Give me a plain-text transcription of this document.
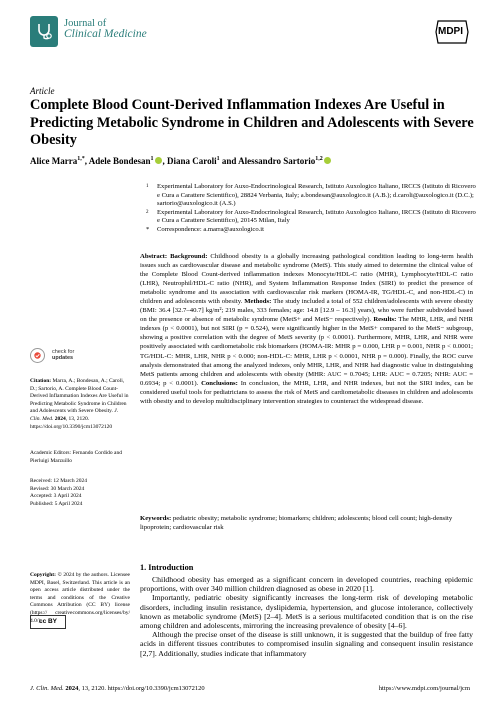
Journal of
Clinical Medicine	MDPI
Article
Complete Blood Count-Derived Inflammation Indexes Are Useful in Predicting Metabolic Syndrome in Children and Adolescents with Severe Obesity
Alice Marra$^{1,*}$, Adele Bondesan$^1$ , Diana Caroli$^1$ and Alessandro Sartorio$^{1,2}$
1	Experimental Laboratory for Auxo-Endocrinological Research, Istituto Auxologico Italiano, IRCCS (Istituto di Ricovero e Cura a Carattere Scientifico), 28824 Verbania, Italy; a.bondesan@auxologico.it (A.B.); d.caroli@auxologico.it (D.C.); sartorio@auxologico.it (A.S.)
2	Experimental Laboratory for Auxo-Endocrinological Research, Istituto Auxologico Italiano, IRCCS (Istituto di Ricovero e Cura a Carattere Scientifico), 20145 Milan, Italy
*	Correspondence: a.marra@auxologico.it
Abstract: Background: Childhood obesity is a globally increasing pathological condition leading to long-term health issues such as cardiovascular disease and metabolic syndrome (MetS). This study aimed to determine the clinical value of the Complete Blood Count-derived inflammation indexes Monocyte/HDL-C ratio (MHR), Lymphocyte/HDL-C ratio (LHR), Neutrophil/HDL-C ratio (NHR), and System Inflammation Response Index (SIRI) to predict the presence of metabolic syndrome and its association with cardiovascular risk markers (HOMA-IR, TG/HDL-C, and non-HDL-C) in children and adolescents with obesity. Methods: The study included a total of 552 children/adolescents with severe obesity (BMI: 36.4 [32.7–40.7] kg/m²; 219 males, 333 females; age: 14.8 [12.9 – 16.3] years), who were further subdivided based on the presence or absence of metabolic syndrome (MetS+ and MetS− respectively). Results: The MHR, LHR, and NHR indexes (p < 0.0001), but not SIRI (p = 0.524), were significantly higher in the MetS+ compared to the MetS− subgroup, showing a positive correlation with the degree of MetS severity (p < 0.0001). Furthermore, MHR, LHR, and NHR were positively associated with cardiometabolic risk biomarkers (HOMA-IR: MHR p = 0.000, LHR p = 0.001, NHR p < 0.0001; TG/HDL-C: MHR, LHR, NHR p < 0.000; non-HDL-C: MHR, LHR p < 0.0001, NHR p = 0.000). Finally, the ROC curve analysis demonstrated that among the analyzed indexes, only MHR, LHR, and NHR had diagnostic value in distinguishing MetS patients among children and adolescents with obesity (MHR: AUC = 0.7045; LHR: AUC = 0.7205; NHR: AUC = 0.6934; p < 0.0001). Conclusions: In conclusion, the MHR, LHR, and NHR indexes, but not the SIRI index, can be considered useful tools for pediatricians to assess the risk of MetS and cardiometabolic diseases in children and adolescents with obesity and to develop multidisciplinary intervention strategies to counteract the widespread disease.
Keywords: pediatric obesity; metabolic syndrome; biomarkers; children; adolescents; blood cell count; high-density lipoprotein; cardiovascular risk
check for
updates
Citation: Marra, A.; Bondesan, A.; Caroli, D.; Sartorio, A. Complete Blood Count-Derived Inflammation Indexes Are Useful in Predicting Metabolic Syndrome in Children and Adolescents with Severe Obesity. J. Clin. Med. 2024, 13, 2120. https://doi.org/10.3390/jcm13072120
Academic Editors: Fernando Cordido and Pierluigi Marzuillo
Received: 12 March 2024
Revised: 30 March 2024
Accepted: 3 April 2024
Published: 5 April 2024
cc BY
Copyright: © 2024 by the authors. Licensee MDPI, Basel, Switzerland. This article is an open access article distributed under the terms and conditions of the Creative Commons Attribution (CC BY) license (https:// creativecommons.org/licenses/by/ 4.0/).
1. Introduction

Childhood obesity has emerged as a significant concern in developed countries, reaching epidemic proportions, with over 340 million children diagnosed as obese in 2020 [1].

Importantly, pediatric obesity significantly increases the long-term risk of developing metabolic disorders, including insulin resistance, dyslipidemia, hypertension, and glucose intolerance, collectively known as metabolic syndrome (MetS) [2–4]. MetS is a serious multifaceted condition that is on the rise among children and adolescents, mirroring the increasing prevalence of obesity [4–6].

Although the precise onset of the disease is still unknown, it is suggested that the buildup of free fatty acids in different tissues contributes to compromised insulin signaling and consequent insulin resistance [2,7]. Additionally, studies indicate that inflammatory

J. Clin. Med. 2024, 13, 2120. https://doi.org/10.3390/jcm13072120	https://www.mdpi.com/journal/jcm
